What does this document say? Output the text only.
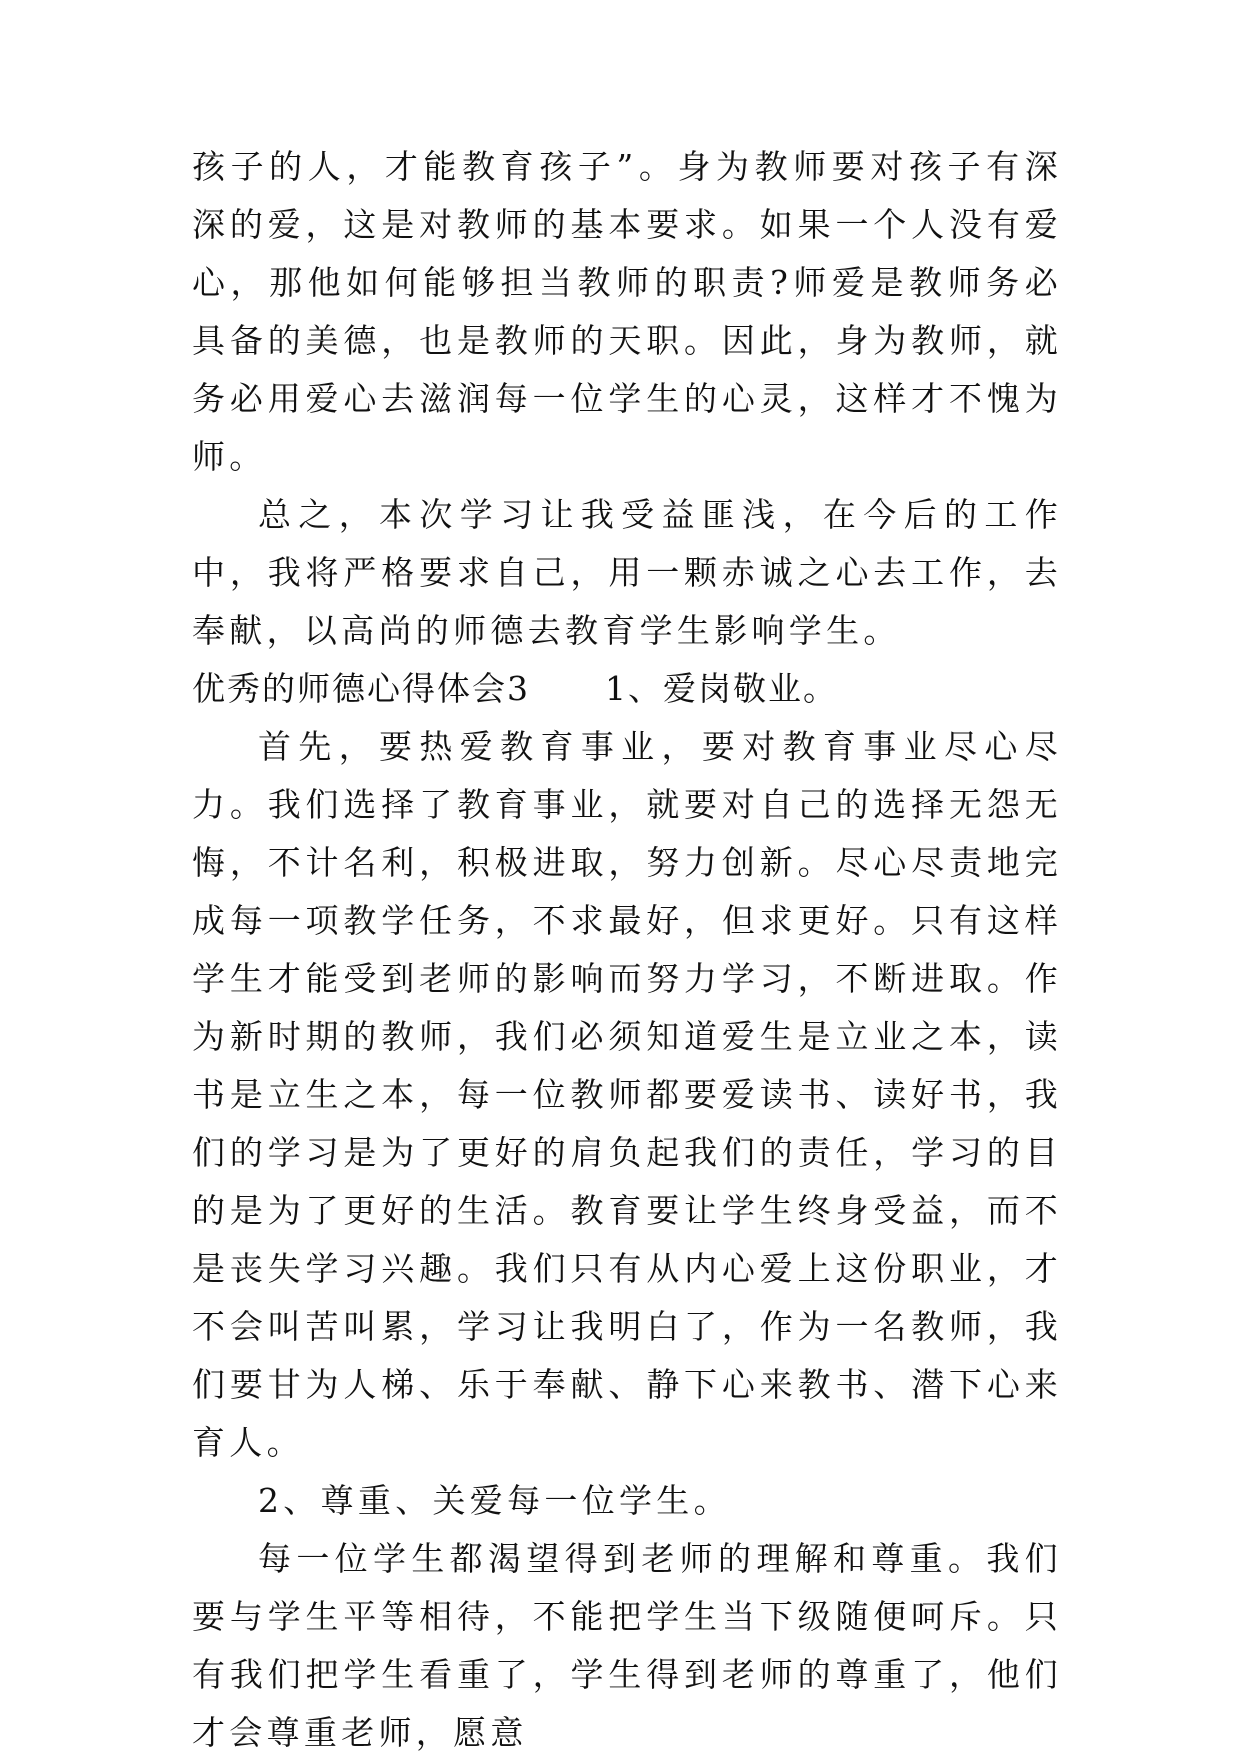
孩子的人，才能教育孩子”。身为教师要对孩子有深深的爱，这是对教师的基本要求。如果一个人没有爱心，那他如何能够担当教师的职责?师爱是教师务必具备的美德，也是教师的天职。因此，身为教师，就务必用爱心去滋润每一位学生的心灵，这样才不愧为师。

总之，本次学习让我受益匪浅，在今后的工作中，我将严格要求自己，用一颗赤诚之心去工作，去奉献，以高尚的师德去教育学生影响学生。

优秀的师德心得体会3 1、爱岗敬业。

首先，要热爱教育事业，要对教育事业尽心尽力。我们选择了教育事业，就要对自己的选择无怨无悔，不计名利，积极进取，努力创新。尽心尽责地完成每一项教学任务，不求最好，但求更好。只有这样学生才能受到老师的影响而努力学习，不断进取。作为新时期的教师，我们必须知道爱生是立业之本，读书是立生之本，每一位教师都要爱读书、读好书，我们的学习是为了更好的肩负起我们的责任，学习的目的是为了更好的生活。教育要让学生终身受益，而不是丧失学习兴趣。我们只有从内心爱上这份职业，才不会叫苦叫累，学习让我明白了，作为一名教师，我们要甘为人梯、乐于奉献、静下心来教书、潜下心来育人。

2、尊重、关爱每一位学生。

每一位学生都渴望得到老师的理解和尊重。我们要与学生平等相待，不能把学生当下级随便呵斥。只有我们把学生看重了，学生得到老师的尊重了，他们才会尊重老师，愿意
